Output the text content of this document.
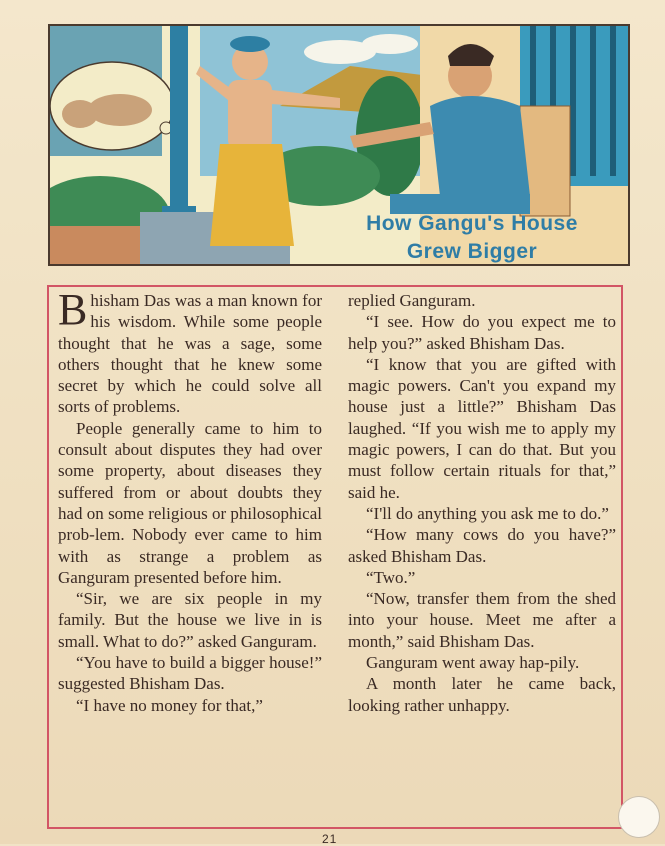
How Gangu's House
Grew Bigger

Bhisham Das was a man known for his wisdom. While some people thought that he was a sage, some others thought that he knew some secret by which he could solve all sorts of problems.

People generally came to him to consult about disputes they had over some property, about diseases they suffered from or about doubts they had on some religious or philosophical prob-lem. Nobody ever came to him with as strange a problem as Ganguram presented before him.

“Sir, we are six people in my family. But the house we live in is small. What to do?” asked Ganguram.

“You have to build a bigger house!” suggested Bhisham Das.

“I have no money for that,”

replied Ganguram.

“I see. How do you expect me to help you?” asked Bhisham Das.

“I know that you are gifted with magic powers. Can't you expand my house just a little?” Bhisham Das laughed. “If you wish me to apply my magic powers, I can do that. But you must follow certain rituals for that,” said he.

“I'll do anything you ask me to do.”

“How many cows do you have?” asked Bhisham Das.

“Two.”

“Now, transfer them from the shed into your house. Meet me after a month,” said Bhisham Das.

Ganguram went away hap-pily.

A month later he came back, looking rather unhappy.

21
